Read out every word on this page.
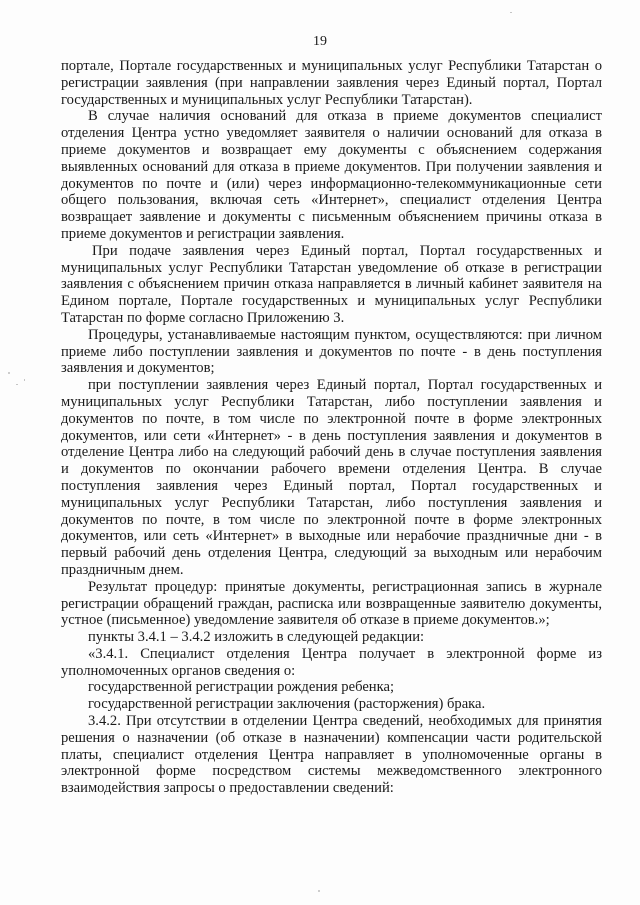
19

порталe, Портале государственных и муниципальных услуг Республики Татарстан о регистрации заявления (при направлении заявления через Единый портал, Портал государственных и муниципальных услуг Республики Татарстан).

В случае наличия оснований для отказа в приеме документов специалист отделения Центра устно уведомляет заявителя о наличии оснований для отказа в приеме документов и возвращает ему документы с объяснением содержания выявленных оснований для отказа в приеме документов. При получении заявления и документов по почте и (или) через информационно-телекоммуникационные сети общего пользования, включая сеть «Интернет», специалист отделения Центра возвращает заявление и документы с письменным объяснением причины отказа в приеме документов и регистрации заявления.

При подаче заявления через Единый портал, Портал государственных и муниципальных услуг Республики Татарстан уведомление об отказе в регистрации заявления с объяснением причин отказа направляется в личный кабинет заявителя на Едином портале, Портале государственных и муниципальных услуг Республики Татарстан по форме согласно Приложению 3.

Процедуры, устанавливаемые настоящим пунктом, осуществляются: при личном приеме либо поступлении заявления и документов по почте - в день поступления заявления и документов;

при поступлении заявления через Единый портал, Портал государственных и муниципальных услуг Республики Татарстан, либо поступлении заявления и документов по почте, в том числе по электронной почте в форме электронных документов, или сети «Интернет» - в день поступления заявления и документов в отделение Центра либо на следующий рабочий день в случае поступления заявления и документов по окончании рабочего времени отделения Центра. В случае поступления заявления через Единый портал, Портал государственных и муниципальных услуг Республики Татарстан, либо поступления заявления и документов по почте, в том числе по электронной почте в форме электронных документов, или сеть «Интернет» в выходные или нерабочие праздничные дни - в первый рабочий день отделения Центра, следующий за выходным или нерабочим праздничным днем.

Результат процедур: принятые документы, регистрационная запись в журнале регистрации обращений граждан, расписка или возвращенные заявителю документы, устное (письменное) уведомление заявителя об отказе в приеме документов.»;

пункты 3.4.1 – 3.4.2 изложить в следующей редакции:

«3.4.1. Специалист отделения Центра получает в электронной форме из уполномоченных органов сведения о:

государственной регистрации рождения ребенка;

государственной регистрации заключения (расторжения) брака.

3.4.2. При отсутствии в отделении Центра сведений, необходимых для принятия решения о назначении (об отказе в назначении) компенсации части родительской платы, специалист отделения Центра направляет в уполномоченные органы в электронной форме посредством системы межведомственного электронного взаимодействия запросы о предоставлении сведений:
